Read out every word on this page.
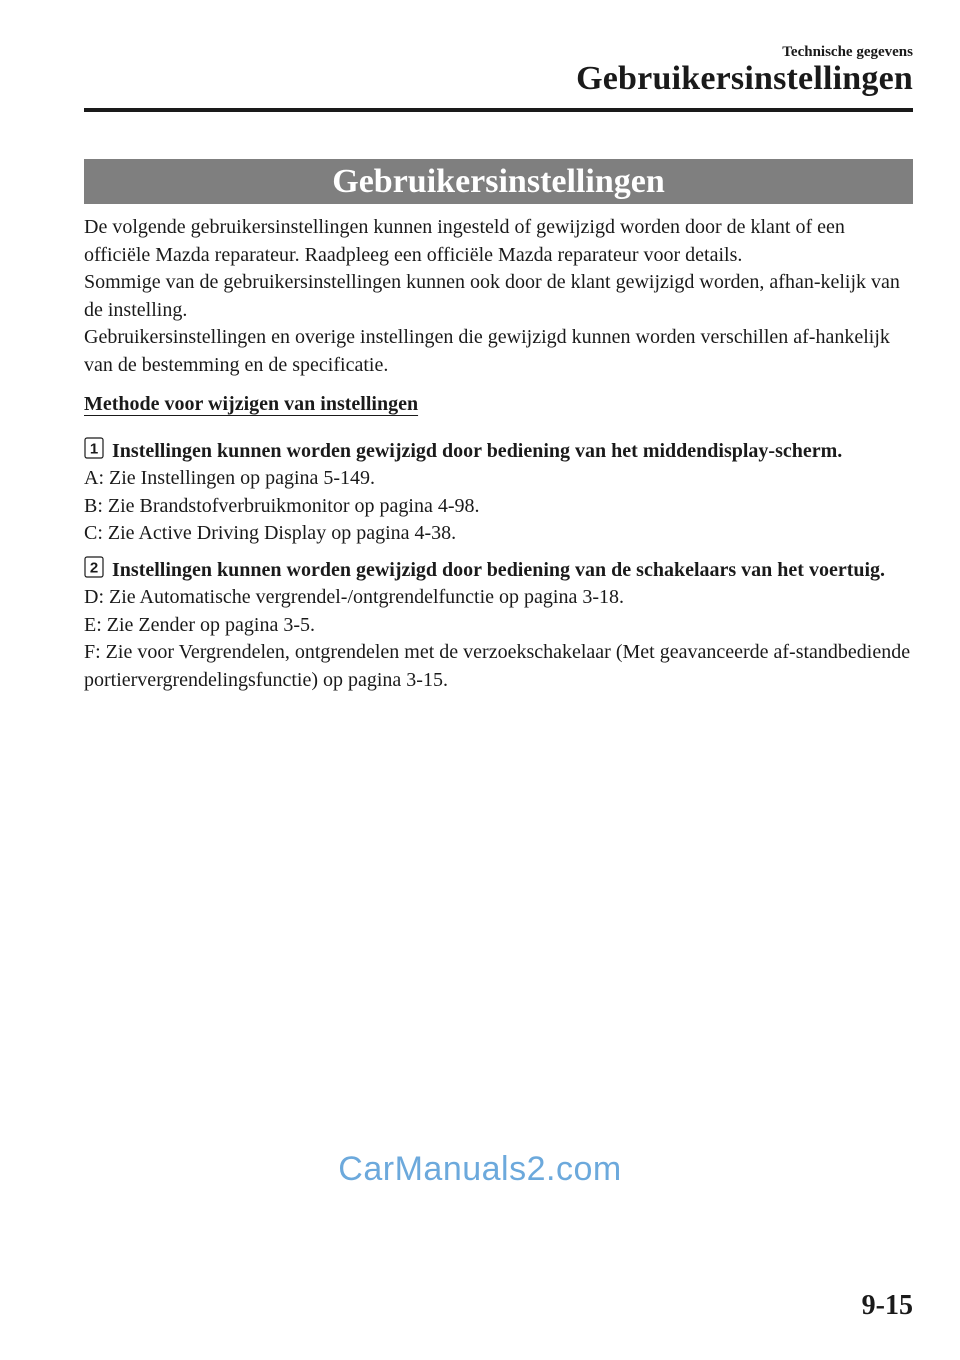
Technische gegevens
Gebruikersinstellingen
Gebruikersinstellingen

De volgende gebruikersinstellingen kunnen ingesteld of gewijzigd worden door de klant of een officiële Mazda reparateur. Raadpleeg een officiële Mazda reparateur voor details.

Sommige van de gebruikersinstellingen kunnen ook door de klant gewijzigd worden, afhan-kelijk van de instelling.

Gebruikersinstellingen en overige instellingen die gewijzigd kunnen worden verschillen af-hankelijk van de bestemming en de specificatie.

Methode voor wijzigen van instellingen

1 Instellingen kunnen worden gewijzigd door bediening van het middendisplay-scherm.

A: Zie Instellingen op pagina 5-149.

B: Zie Brandstofverbruikmonitor op pagina 4-98.

C: Zie Active Driving Display op pagina 4-38.

2 Instellingen kunnen worden gewijzigd door bediening van de schakelaars van het voertuig.

D: Zie Automatische vergrendel-/ontgrendelfunctie op pagina 3-18.

E: Zie Zender op pagina 3-5.

F: Zie voor Vergrendelen, ontgrendelen met de verzoekschakelaar (Met geavanceerde af-standbediende portiervergrendelingsfunctie) op pagina 3-15.

CarManuals2.com
9-15
